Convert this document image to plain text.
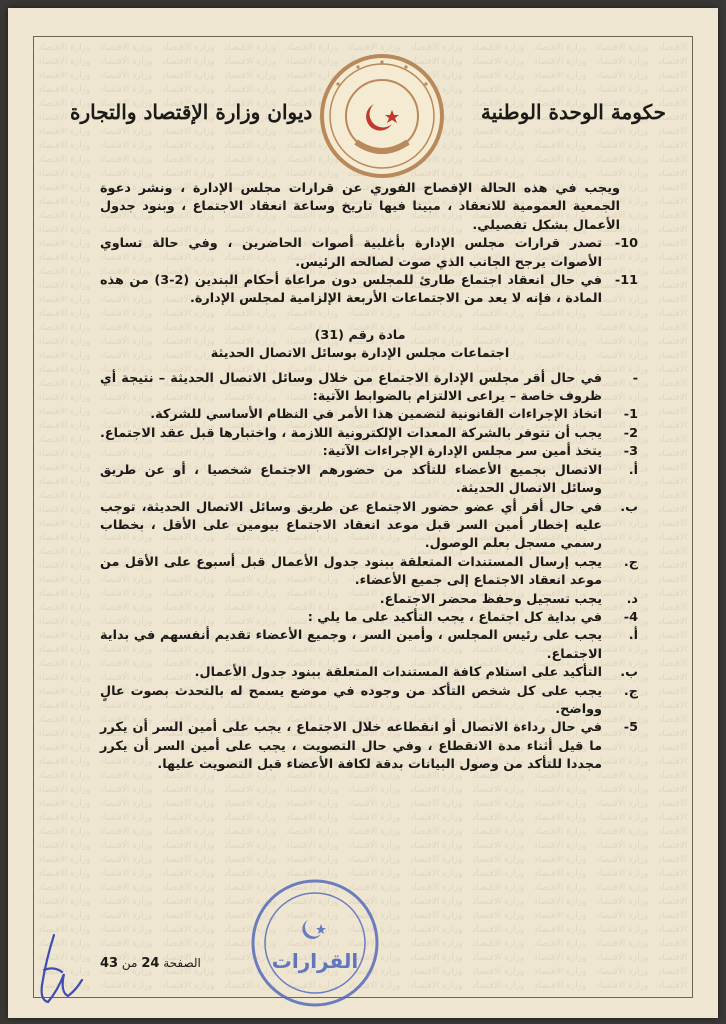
حكومة الوحدة الوطنية
ديوان وزارة الإقتصاد والتجارة

ويجب في هذه الحالة الإفصاح الفوري عن قرارات مجلس الإدارة ، ونشر دعوة الجمعية العمومية للانعقاد ، مبينا فيها تاريخ وساعة انعقاد الاجتماع ، وبنود جدول الأعمال بشكل تفصيلي.

10-

تصدر قرارات مجلس الإدارة بأغلبية أصوات الحاضرين ، وفي حالة تساوي الأصوات يرجح الجانب الذي صوت لصالحه الرئيس.

11-

في حال انعقاد اجتماع طارئ للمجلس دون مراعاة أحكام البندين (2-3) من هذه المادة ، فإنه لا يعد من الاجتماعات الأربعة الإلزامية لمجلس الإدارة.

مادة رقم (31)

اجتماعات مجلس الإدارة بوسائل الاتصال الحديثة

-

في حال أقر مجلس الإدارة الاجتماع من خلال وسائل الاتصال الحديثة – نتيجة أي ظروف خاصة – يراعى الالتزام بالضوابط الآتية:

1-

اتخاذ الإجراءات القانونية لتضمين هذا الأمر في النظام الأساسي للشركة.

2-

يجب أن تتوفر بالشركة المعدات الإلكترونية اللازمة ، واختبارها قبل عقد الاجتماع.

3-

يتخذ أمين سر مجلس الإدارة الإجراءات الآتية:

أ.

الاتصال بجميع الأعضاء للتأكد من حضورهم الاجتماع شخصيا ، أو عن طريق وسائل الاتصال الحديثة.

ب.

في حال أقر أي عضو حضور الاجتماع عن طريق وسائل الاتصال الحديثة، توجب عليه إخطار أمين السر قبل موعد انعقاد الاجتماع بيومين على الأقل ، بخطاب رسمي مسجل بعلم الوصول.

ج.

يجب إرسال المستندات المتعلقة ببنود جدول الأعمال قبل أسبوع على الأقل من موعد انعقاد الاجتماع إلى جميع الأعضاء.

د.

يجب تسجيل وحفظ محضر الاجتماع.

4-

في بداية كل اجتماع ، يجب التأكيد على ما يلي :

أ.

يجب على رئيس المجلس ، وأمين السر ، وجميع الأعضاء تقديم أنفسهم في بداية الاجتماع.

ب.

التأكيد على استلام كافة المستندات المتعلقة ببنود جدول الأعمال.

ج.

يجب على كل شخص التأكد من وجوده في موضع يسمح له بالتحدث بصوت عالٍ وواضح.

5-

في حال رداءة الاتصال أو انقطاعه خلال الاجتماع ، يجب على أمين السر أن يكرر ما قيل أثناء مدة الانقطاع ، وفي حال التصويت ، يجب على أمين السر أن يكرر مجددا للتأكد من وصول البيانات بدقة لكافة الأعضاء قبل التصويت عليها.

القرارات
الصفحة 24 من 43
